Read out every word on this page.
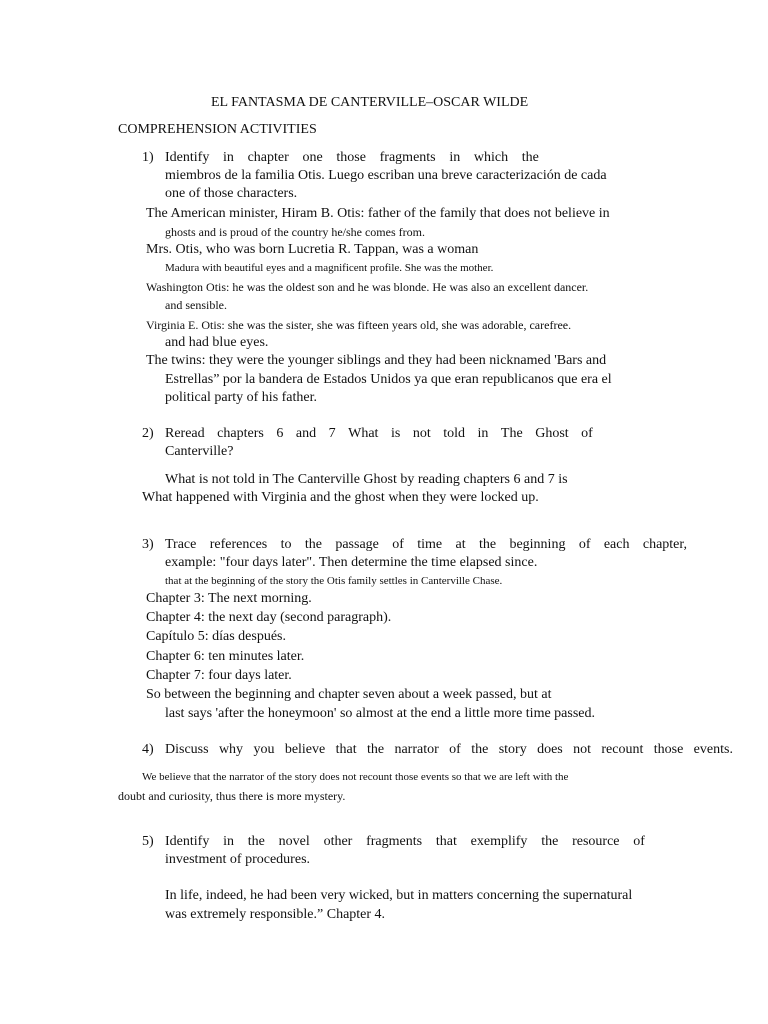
EL FANTASMA DE CANTERVILLE–OSCAR WILDE
COMPREHENSION ACTIVITIES
1) Identify in chapter one those fragments in which the
miembros de la familia Otis. Luego escriban una breve caracterización de cada
one of those characters.
The American minister, Hiram B. Otis: father of the family that does not believe in
ghosts and is proud of the country he/she comes from.
Mrs. Otis, who was born Lucretia R. Tappan, was a woman
Madura with beautiful eyes and a magnificent profile. She was the mother.
Washington Otis: he was the oldest son and he was blonde. He was also an excellent dancer.
and sensible.
Virginia E. Otis: she was the sister, she was fifteen years old, she was adorable, carefree.
and had blue eyes.
The twins: they were the younger siblings and they had been nicknamed 'Bars and
Estrellas” por la bandera de Estados Unidos ya que eran republicanos que era el
political party of his father.
2) Reread chapters 6 and 7 What is not told in The Ghost of
Canterville?
What is not told in The Canterville Ghost by reading chapters 6 and 7 is
What happened with Virginia and the ghost when they were locked up.
3) Trace references to the passage of time at the beginning of each chapter,
example: "four days later". Then determine the time elapsed since.
that at the beginning of the story the Otis family settles in Canterville Chase.
Chapter 3: The next morning.
Chapter 4: the next day (second paragraph).
Capítulo 5: días después.
Chapter 6: ten minutes later.
Chapter 7: four days later.
So between the beginning and chapter seven about a week passed, but at
last says 'after the honeymoon' so almost at the end a little more time passed.
4) Discuss why you believe that the narrator of the story does not recount those events.
We believe that the narrator of the story does not recount those events so that we are left with the
doubt and curiosity, thus there is more mystery.
5) Identify in the novel other fragments that exemplify the resource of
investment of procedures.
In life, indeed, he had been very wicked, but in matters concerning the supernatural
was extremely responsible.” Chapter 4.
